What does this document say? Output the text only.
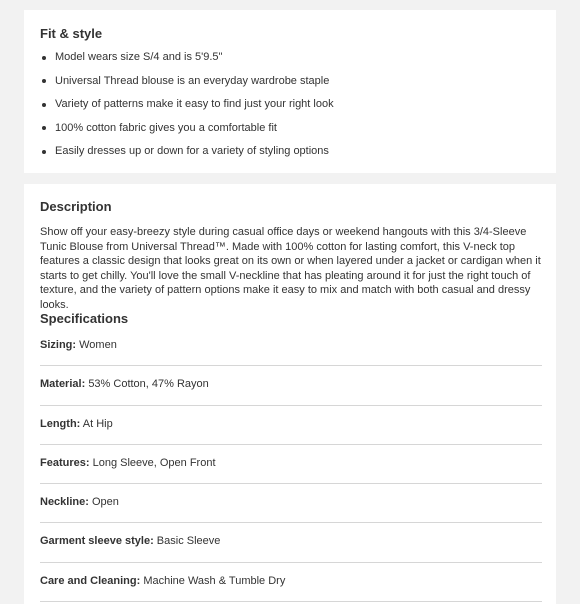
Fit & style
Model wears size S/4 and is 5'9.5"
Universal Thread blouse is an everyday wardrobe staple
Variety of patterns make it easy to find just your right look
100% cotton fabric gives you a comfortable fit
Easily dresses up or down for a variety of styling options
Description

Show off your easy-breezy style during casual office days or weekend hangouts with this 3/4-Sleeve Tunic Blouse from Universal Thread™. Made with 100% cotton for lasting comfort, this V-neck top features a classic design that looks great on its own or when layered under a jacket or cardigan when it starts to get chilly. You'll love the small V-neckline that has pleating around it for just the right touch of texture, and the variety of pattern options make it easy to mix and match with both casual and dressy looks.

Specifications
Sizing: Women
Material: 53% Cotton, 47% Rayon
Length: At Hip
Features: Long Sleeve, Open Front
Neckline: Open
Garment sleeve style: Basic Sleeve
Care and Cleaning: Machine Wash & Tumble Dry
